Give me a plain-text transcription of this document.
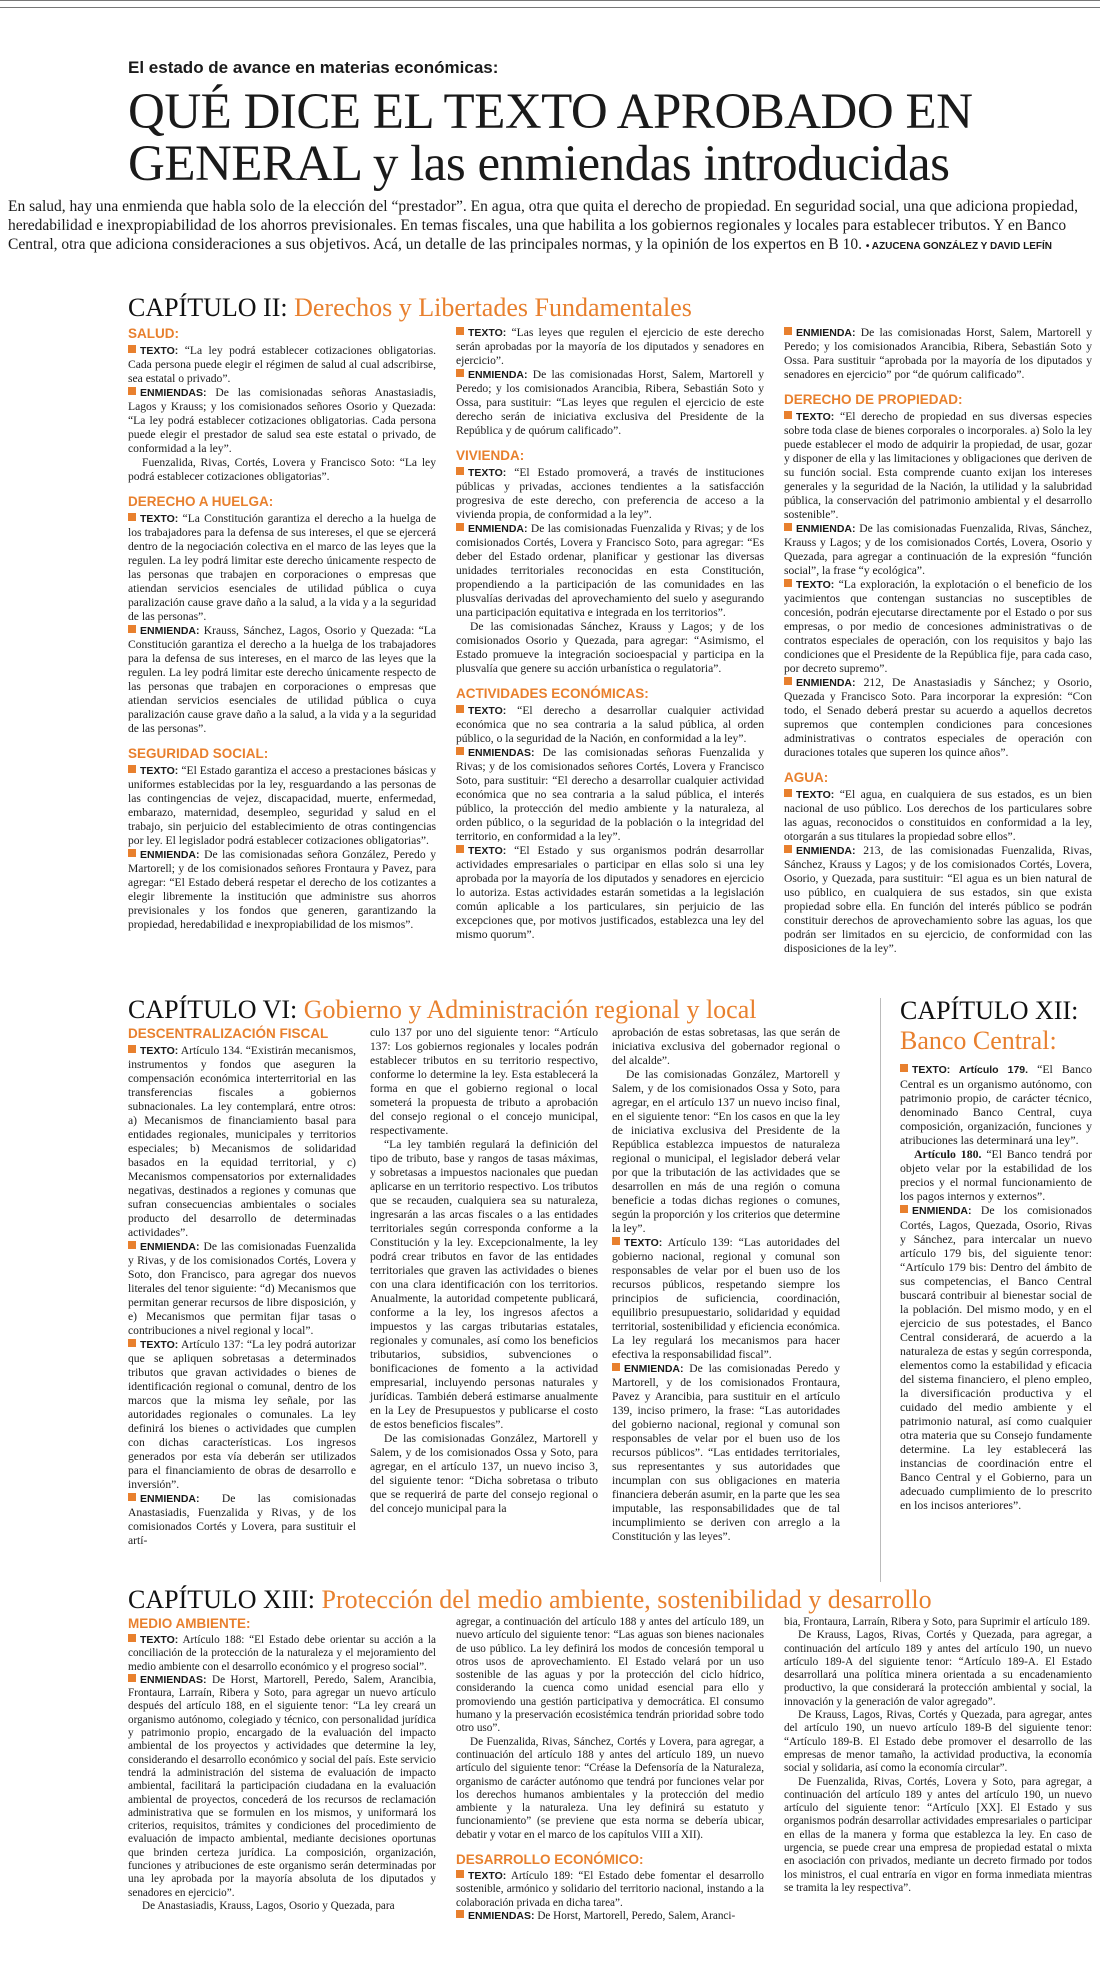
El estado de avance en materias económicas:
QUÉ DICE EL TEXTO APROBADO EN GENERAL y las enmiendas introducidas
En salud, hay una enmienda que habla solo de la elección del “prestador”. En agua, otra que quita el derecho de propiedad. En seguridad social, una que adiciona propiedad, heredabilidad e inexpropiabilidad de los ahorros previsionales. En temas fiscales, una que habilita a los gobiernos regionales y locales para establecer tributos. Y en Banco Central, otra que adiciona consideraciones a sus objetivos. Acá, un detalle de las principales normas, y la opinión de los expertos en B 10. • AZUCENA GONZÁLEZ Y DAVID LEFÍN
CAPÍTULO II: Derechos y Libertades Fundamentales
SALUD:

TEXTO: “La ley podrá establecer cotizaciones obligatorias. Cada persona puede elegir el régimen de salud al cual adscribirse, sea estatal o privado”.

ENMIENDAS: De las comisionadas señoras Anastasiadis, Lagos y Krauss; y los comisionados señores Osorio y Quezada: “La ley podrá establecer cotizaciones obligatorias. Cada persona puede elegir el prestador de salud sea este estatal o privado, de conformidad a la ley”.

Fuenzalida, Rivas, Cortés, Lovera y Francisco Soto: “La ley podrá establecer cotizaciones obligatorias”.

DERECHO A HUELGA:

TEXTO: “La Constitución garantiza el derecho a la huelga de los trabajadores para la defensa de sus intereses, el que se ejercerá dentro de la negociación colectiva en el marco de las leyes que la regulen. La ley podrá limitar este derecho únicamente respecto de las personas que trabajen en corporaciones o empresas que atiendan servicios esenciales de utilidad pública o cuya paralización cause grave daño a la salud, a la vida y a la seguridad de las personas”.

ENMIENDA: Krauss, Sánchez, Lagos, Osorio y Quezada: “La Constitución garantiza el derecho a la huelga de los trabajadores para la defensa de sus intereses, en el marco de las leyes que la regulen. La ley podrá limitar este derecho únicamente respecto de las personas que trabajen en corporaciones o empresas que atiendan servicios esenciales de utilidad pública o cuya paralización cause grave daño a la salud, a la vida y a la seguridad de las personas”.

SEGURIDAD SOCIAL:

TEXTO: “El Estado garantiza el acceso a prestaciones básicas y uniformes establecidas por la ley, resguardando a las personas de las contingencias de vejez, discapacidad, muerte, enfermedad, embarazo, maternidad, desempleo, seguridad y salud en el trabajo, sin perjuicio del establecimiento de otras contingencias por ley. El legislador podrá establecer cotizaciones obligatorias”.

ENMIENDA: De las comisionadas señora González, Peredo y Martorell; y de los comisionados señores Frontaura y Pavez, para agregar: “El Estado deberá respetar el derecho de los cotizantes a elegir libremente la institución que administre sus ahorros previsionales y los fondos que generen, garantizando la propiedad, heredabilidad e inexpropiabilidad de los mismos”.

TEXTO: “Las leyes que regulen el ejercicio de este derecho serán aprobadas por la mayoría de los diputados y senadores en ejercicio”.

ENMIENDA: De las comisionadas Horst, Salem, Martorell y Peredo; y los comisionados Arancibia, Ribera, Sebastián Soto y Ossa, para sustituir: “Las leyes que regulen el ejercicio de este derecho serán de iniciativa exclusiva del Presidente de la República y de quórum calificado”.

VIVIENDA:

TEXTO: “El Estado promoverá, a través de instituciones públicas y privadas, acciones tendientes a la satisfacción progresiva de este derecho, con preferencia de acceso a la vivienda propia, de conformidad a la ley”.

ENMIENDA: De las comisionadas Fuenzalida y Rivas; y de los comisionados Cortés, Lovera y Francisco Soto, para agregar: “Es deber del Estado ordenar, planificar y gestionar las diversas unidades territoriales reconocidas en esta Constitución, propendiendo a la participación de las comunidades en las plusvalías derivadas del aprovechamiento del suelo y asegurando una participación equitativa e integrada en los territorios”.

De las comisionadas Sánchez, Krauss y Lagos; y de los comisionados Osorio y Quezada, para agregar: “Asimismo, el Estado promueve la integración socioespacial y participa en la plusvalía que genere su acción urbanística o regulatoria”.

ACTIVIDADES ECONÓMICAS:

TEXTO: “El derecho a desarrollar cualquier actividad económica que no sea contraria a la salud pública, al orden público, o la seguridad de la Nación, en conformidad a la ley”.

ENMIENDAS: De las comisionadas señoras Fuenzalida y Rivas; y de los comisionados señores Cortés, Lovera y Francisco Soto, para sustituir: “El derecho a desarrollar cualquier actividad económica que no sea contraria a la salud pública, el interés público, la protección del medio ambiente y la naturaleza, al orden público, o la seguridad de la población o la integridad del territorio, en conformidad a la ley”.

TEXTO: “El Estado y sus organismos podrán desarrollar actividades empresariales o participar en ellas solo si una ley aprobada por la mayoría de los diputados y senadores en ejercicio lo autoriza. Estas actividades estarán sometidas a la legislación común aplicable a los particulares, sin perjuicio de las excepciones que, por motivos justificados, establezca una ley del mismo quorum”.

ENMIENDA: De las comisionadas Horst, Salem, Martorell y Peredo; y los comisionados Arancibia, Ribera, Sebastián Soto y Ossa. Para sustituir “aprobada por la mayoría de los diputados y senadores en ejercicio” por “de quórum calificado”.

DERECHO DE PROPIEDAD:

TEXTO: “El derecho de propiedad en sus diversas especies sobre toda clase de bienes corporales o incorporales. a) Solo la ley puede establecer el modo de adquirir la propiedad, de usar, gozar y disponer de ella y las limitaciones y obligaciones que deriven de su función social. Esta comprende cuanto exijan los intereses generales y la seguridad de la Nación, la utilidad y la salubridad pública, la conservación del patrimonio ambiental y el desarrollo sostenible”.

ENMIENDA: De las comisionadas Fuenzalida, Rivas, Sánchez, Krauss y Lagos; y de los comisionados Cortés, Lovera, Osorio y Quezada, para agregar a continuación de la expresión “función social”, la frase “y ecológica”.

TEXTO: “La exploración, la explotación o el beneficio de los yacimientos que contengan sustancias no susceptibles de concesión, podrán ejecutarse directamente por el Estado o por sus empresas, o por medio de concesiones administrativas o de contratos especiales de operación, con los requisitos y bajo las condiciones que el Presidente de la República fije, para cada caso, por decreto supremo”.

ENMIENDA: 212, De Anastasiadis y Sánchez; y Osorio, Quezada y Francisco Soto. Para incorporar la expresión: “Con todo, el Senado deberá prestar su acuerdo a aquellos decretos supremos que contemplen condiciones para concesiones administrativas o contratos especiales de operación con duraciones totales que superen los quince años”.

AGUA:

TEXTO: “El agua, en cualquiera de sus estados, es un bien nacional de uso público. Los derechos de los particulares sobre las aguas, reconocidos o constituidos en conformidad a la ley, otorgarán a sus titulares la propiedad sobre ellos”.

ENMIENDA: 213, de las comisionadas Fuenzalida, Rivas, Sánchez, Krauss y Lagos; y de los comisionados Cortés, Lovera, Osorio, y Quezada, para sustituir: “El agua es un bien natural de uso público, en cualquiera de sus estados, sin que exista propiedad sobre ella. En función del interés público se podrán constituir derechos de aprovechamiento sobre las aguas, los que podrán ser limitados en su ejercicio, de conformidad con las disposiciones de la ley”.

CAPÍTULO VI: Gobierno y Administración regional y local
DESCENTRALIZACIÓN FISCAL

TEXTO: Artículo 134. “Existirán mecanismos, instrumentos y fondos que aseguren la compensación económica interterritorial en las transferencias fiscales a gobiernos subnacionales. La ley contemplará, entre otros: a) Mecanismos de financiamiento basal para entidades regionales, municipales y territorios especiales; b) Mecanismos de solidaridad basados en la equidad territorial, y c) Mecanismos compensatorios por externalidades negativas, destinados a regiones y comunas que sufran consecuencias ambientales o sociales producto del desarrollo de determinadas actividades”.

ENMIENDA: De las comisionadas Fuenzalida y Rivas, y de los comisionados Cortés, Lovera y Soto, don Francisco, para agregar dos nuevos literales del tenor siguiente: “d) Mecanismos que permitan generar recursos de libre disposición, y e) Mecanismos que permitan fijar tasas o contribuciones a nivel regional y local”.

TEXTO: Artículo 137: “La ley podrá autorizar que se apliquen sobretasas a determinados tributos que gravan actividades o bienes de identificación regional o comunal, dentro de los marcos que la misma ley señale, por las autoridades regionales o comunales. La ley definirá los bienes o actividades que cumplen con dichas características. Los ingresos generados por esta vía deberán ser utilizados para el financiamiento de obras de desarrollo e inversión”.

ENMIENDA: De las comisionadas Anastasiadis, Fuenzalida y Rivas, y de los comisionados Cortés y Lovera, para sustituir el artí-

culo 137 por uno del siguiente tenor: “Artículo 137: Los gobiernos regionales y locales podrán establecer tributos en su territorio respectivo, conforme lo determine la ley. Esta establecerá la forma en que el gobierno regional o local someterá la propuesta de tributo a aprobación del consejo regional o el concejo municipal, respectivamente.

“La ley también regulará la definición del tipo de tributo, base y rangos de tasas máximas, y sobretasas a impuestos nacionales que puedan aplicarse en un territorio respectivo. Los tributos que se recauden, cualquiera sea su naturaleza, ingresarán a las arcas fiscales o a las entidades territoriales según corresponda conforme a la Constitución y la ley. Excepcionalmente, la ley podrá crear tributos en favor de las entidades territoriales que graven las actividades o bienes con una clara identificación con los territorios. Anualmente, la autoridad competente publicará, conforme a la ley, los ingresos afectos a impuestos y las cargas tributarias estatales, regionales y comunales, así como los beneficios tributarios, subsidios, subvenciones o bonificaciones de fomento a la actividad empresarial, incluyendo personas naturales y jurídicas. También deberá estimarse anualmente en la Ley de Presupuestos y publicarse el costo de estos beneficios fiscales”.

De las comisionadas González, Martorell y Salem, y de los comisionados Ossa y Soto, para agregar, en el artículo 137, un nuevo inciso 3, del siguiente tenor: “Dicha sobretasa o tributo que se requerirá de parte del consejo regional o del concejo municipal para la

aprobación de estas sobretasas, las que serán de iniciativa exclusiva del gobernador regional o del alcalde”.

De las comisionadas González, Martorell y Salem, y de los comisionados Ossa y Soto, para agregar, en el artículo 137 un nuevo inciso final, en el siguiente tenor: “En los casos en que la ley de iniciativa exclusiva del Presidente de la República establezca impuestos de naturaleza regional o municipal, el legislador deberá velar por que la tributación de las actividades que se desarrollen en más de una región o comuna beneficie a todas dichas regiones o comunes, según la proporción y los criterios que determine la ley”.

TEXTO: Artículo 139: “Las autoridades del gobierno nacional, regional y comunal son responsables de velar por el buen uso de los recursos públicos, respetando siempre los principios de suficiencia, coordinación, equilibrio presupuestario, solidaridad y equidad territorial, sostenibilidad y eficiencia económica. La ley regulará los mecanismos para hacer efectiva la responsabilidad fiscal”.

ENMIENDA: De las comisionadas Peredo y Martorell, y de los comisionados Frontaura, Pavez y Arancibia, para sustituir en el artículo 139, inciso primero, la frase: “Las autoridades del gobierno nacional, regional y comunal son responsables de velar por el buen uso de los recursos públicos”. “Las entidades territoriales, sus representantes y sus autoridades que incumplan con sus obligaciones en materia financiera deberán asumir, en la parte que les sea imputable, las responsabilidades que de tal incumplimiento se deriven con arreglo a la Constitución y las leyes”.

CAPÍTULO XII:
Banco Central:

TEXTO: Artículo 179. “El Banco Central es un organismo autónomo, con patrimonio propio, de carácter técnico, denominado Banco Central, cuya composición, organización, funciones y atribuciones las determinará una ley”.

Artículo 180. “El Banco tendrá por objeto velar por la estabilidad de los precios y el normal funcionamiento de los pagos internos y externos”.

ENMIENDA: De los comisionados Cortés, Lagos, Quezada, Osorio, Rivas y Sánchez, para intercalar un nuevo artículo 179 bis, del siguiente tenor: “Artículo 179 bis: Dentro del ámbito de sus competencias, el Banco Central buscará contribuir al bienestar social de la población. Del mismo modo, y en el ejercicio de sus potestades, el Banco Central considerará, de acuerdo a la naturaleza de estas y según corresponda, elementos como la estabilidad y eficacia del sistema financiero, el pleno empleo, la diversificación productiva y el cuidado del medio ambiente y el patrimonio natural, así como cualquier otra materia que su Consejo fundamente determine. La ley establecerá las instancias de coordinación entre el Banco Central y el Gobierno, para un adecuado cumplimiento de lo prescrito en los incisos anteriores”.

CAPÍTULO XIII: Protección del medio ambiente, sostenibilidad y desarrollo
MEDIO AMBIENTE:

TEXTO: Artículo 188: “El Estado debe orientar su acción a la conciliación de la protección de la naturaleza y el mejoramiento del medio ambiente con el desarrollo económico y el progreso social”.

ENMIENDAS: De Horst, Martorell, Peredo, Salem, Arancibia, Frontaura, Larraín, Ribera y Soto, para agregar un nuevo artículo después del artículo 188, en el siguiente tenor: “La ley creará un organismo autónomo, colegiado y técnico, con personalidad jurídica y patrimonio propio, encargado de la evaluación del impacto ambiental de los proyectos y actividades que determine la ley, considerando el desarrollo económico y social del país. Este servicio tendrá la administración del sistema de evaluación de impacto ambiental, facilitará la participación ciudadana en la evaluación ambiental de proyectos, concederá de los recursos de reclamación administrativa que se formulen en los mismos, y uniformará los criterios, requisitos, trámites y condiciones del procedimiento de evaluación de impacto ambiental, mediante decisiones oportunas que brinden certeza jurídica. La composición, organización, funciones y atribuciones de este organismo serán determinadas por una ley aprobada por la mayoría absoluta de los diputados y senadores en ejercicio”.

De Anastasiadis, Krauss, Lagos, Osorio y Quezada, para

agregar, a continuación del artículo 188 y antes del artículo 189, un nuevo artículo del siguiente tenor: “Las aguas son bienes nacionales de uso público. La ley definirá los modos de concesión temporal u otros usos de aprovechamiento. El Estado velará por un uso sostenible de las aguas y por la protección del ciclo hídrico, considerando la cuenca como unidad esencial para ello y promoviendo una gestión participativa y democrática. El consumo humano y la preservación ecosistémica tendrán prioridad sobre todo otro uso”.

De Fuenzalida, Rivas, Sánchez, Cortés y Lovera, para agregar, a continuación del artículo 188 y antes del artículo 189, un nuevo artículo del siguiente tenor: “Créase la Defensoría de la Naturaleza, organismo de carácter autónomo que tendrá por funciones velar por los derechos humanos ambientales y la protección del medio ambiente y la naturaleza. Una ley definirá su estatuto y funcionamiento” (se previene que esta norma se debería ubicar, debatir y votar en el marco de los capítulos VIII a XII).

DESARROLLO ECONÓMICO:

TEXTO: Artículo 189: “El Estado debe fomentar el desarrollo sostenible, armónico y solidario del territorio nacional, instando a la colaboración privada en dicha tarea”.

ENMIENDAS: De Horst, Martorell, Peredo, Salem, Aranci-

bia, Frontaura, Larraín, Ribera y Soto, para Suprimir el artículo 189.

De Krauss, Lagos, Rivas, Cortés y Quezada, para agregar, a continuación del artículo 189 y antes del artículo 190, un nuevo artículo 189-A del siguiente tenor: “Artículo 189-A. El Estado desarrollará una política minera orientada a su encadenamiento productivo, la que considerará la protección ambiental y social, la innovación y la generación de valor agregado”.

De Krauss, Lagos, Rivas, Cortés y Quezada, para agregar, antes del artículo 190, un nuevo artículo 189-B del siguiente tenor: “Artículo 189-B. El Estado debe promover el desarrollo de las empresas de menor tamaño, la actividad productiva, la economía social y solidaria, así como la economía circular”.

De Fuenzalida, Rivas, Cortés, Lovera y Soto, para agregar, a continuación del artículo 189 y antes del artículo 190, un nuevo artículo del siguiente tenor: “Artículo [XX]. El Estado y sus organismos podrán desarrollar actividades empresariales o participar en ellas de la manera y forma que establezca la ley. En caso de urgencia, se puede crear una empresa de propiedad estatal o mixta en asociación con privados, mediante un decreto firmado por todos los ministros, el cual entraría en vigor en forma inmediata mientras se tramita la ley respectiva”.
